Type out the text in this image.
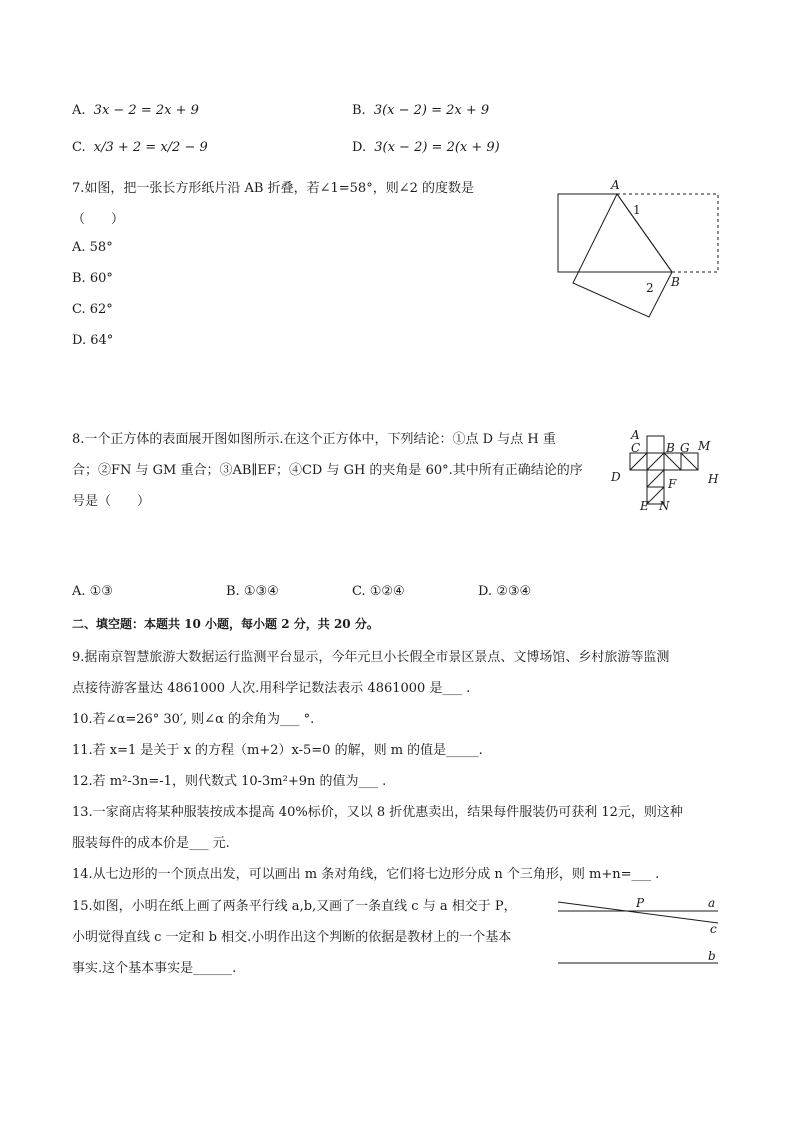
A. 3x − 2 = 2x + 9	B. 3(x − 2) = 2x + 9
C. x/3 + 2 = x/2 − 9	D. 3(x − 2) = 2(x + 9)
7.如图，把一张长方形纸片沿 AB 折叠，若∠1=58°，则∠2 的度数是
（　　）
A. 58°
B. 60°
C. 62°
D. 64°
A
1
B
2
8.一个正方体的表面展开图如图所示.在这个正方体中，下列结论：①点 D 与点 H 重
合；②FN 与 GM 重合；③AB∥EF；④CD 与 GH 的夹角是 60°.其中所有正确结论的序
号是（　　）
A
C B G M
D	H
F
E N
A. ①③	B. ①③④	C. ①②④	D. ②③④
二、填空题：本题共 10 小题，每小题 2 分，共 20 分。
9.据南京智慧旅游大数据运行监测平台显示，今年元旦小长假全市景区景点、文博场馆、乡村旅游等监测
点接待游客量达 4861000 人次.用科学记数法表示 4861000 是___ .
10.若∠α=26° 30′, 则∠α 的余角为___ °.
11.若 x=1 是关于 x 的方程（m+2）x-5=0 的解，则 m 的值是_____.
12.若 m²-3n=-1，则代数式 10-3m²+9n 的值为___ .
13.一家商店将某种服装按成本提高 40%标价，又以 8 折优惠卖出，结果每件服装仍可获利 12元，则这种
服装每件的成本价是___ 元.
14.从七边形的一个顶点出发，可以画出 m 条对角线，它们将七边形分成 n 个三角形，则 m+n=___ .
15.如图，小明在纸上画了两条平行线 a,b,又画了一条直线 c 与 a 相交于 P，
小明觉得直线 c 一定和 b 相交.小明作出这个判断的依据是教材上的一个基本
事实.这个基本事实是______.
P	a
c
b
